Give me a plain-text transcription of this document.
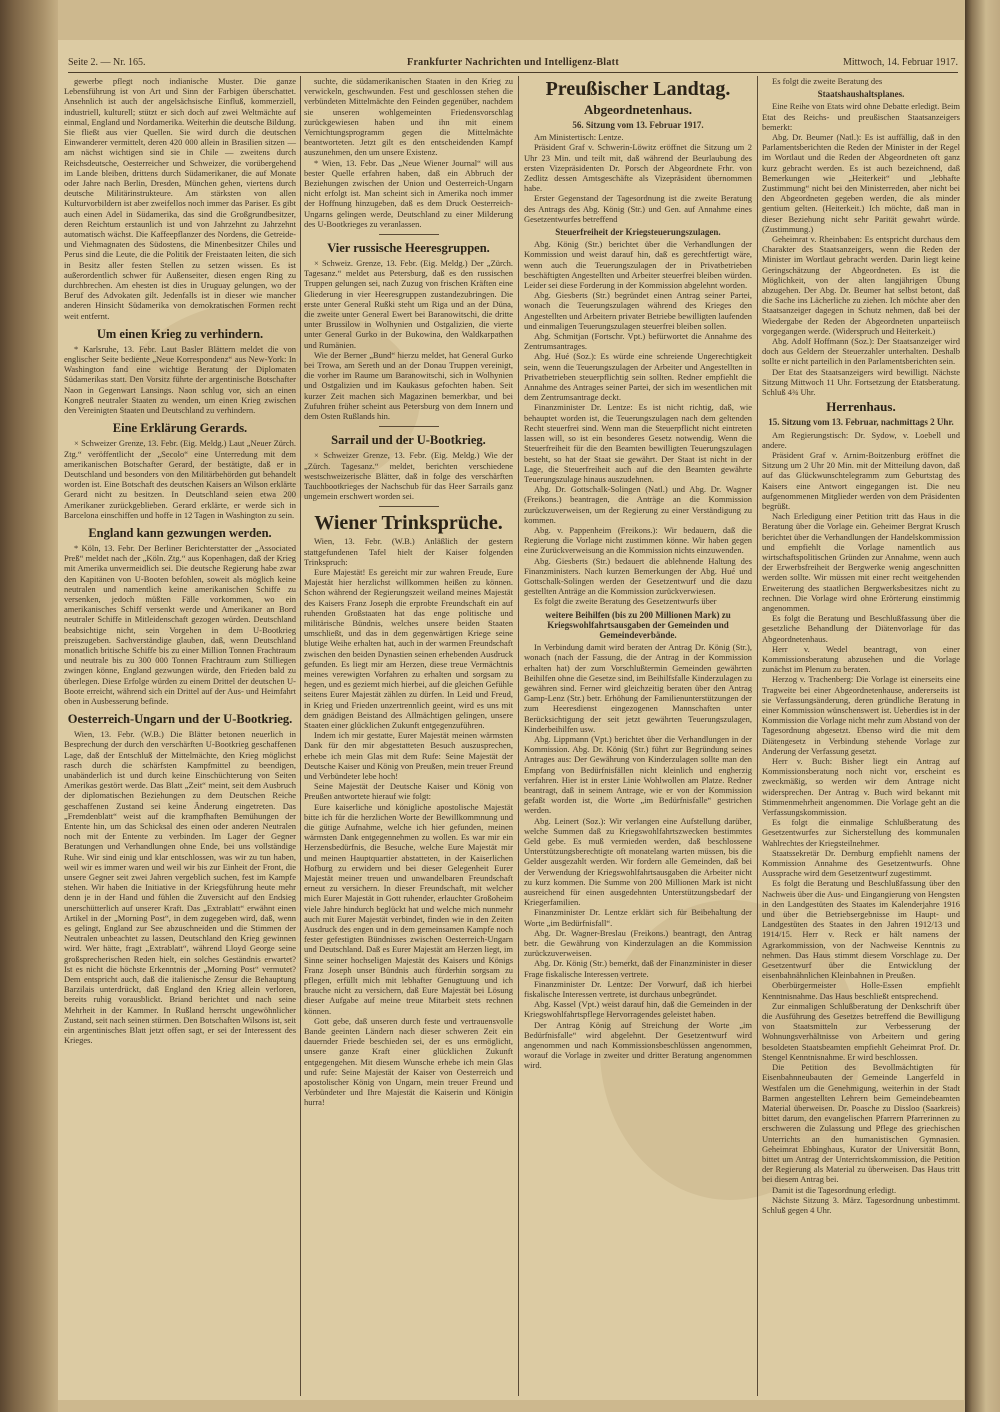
Seite 2. — Nr. 165.	Frankfurter Nachrichten und Intelligenz-Blatt	Mittwoch, 14. Februar 1917.

gewerbe pflegt noch indianische Muster. Die ganze Lebensführung ist von Art und Sinn der Farbigen überschattet. Ansehnlich ist auch der angelsächsische Einfluß, kommerziell, industriell, kulturell; stützt er sich doch auf zwei Weltmächte auf einmal, England und Nordamerika. Weiterhin die deutsche Bildung. Sie fließt aus vier Quellen. Sie wird durch die deutschen Einwanderer vermittelt, deren 420 000 allein in Brasilien sitzen — am nächst wichtigen sind sie in Chile — zweitens durch Reichsdeutsche, Oesterreicher und Schweizer, die vorübergehend im Lande bleiben, drittens durch Südamerikaner, die auf Monate oder Jahre nach Berlin, Dresden, München gehen, viertens durch deutsche Militärinstrukteure. Am stärksten von allen Kulturvorbildern ist aber zweifellos noch immer das Pariser. Es gibt auch einen Adel in Südamerika, das sind die Großgrundbesitzer, deren Reichtum erstaunlich ist und von Jahrzehnt zu Jahrzehnt automatisch wächst. Die Kaffeepflanzer des Nordens, die Getreide- und Viehmagnaten des Südostens, die Minenbesitzer Chiles und Perus sind die Leute, die die Politik der Freistaaten leiten, die sich in Besitz aller festen Stellen zu setzen wissen. Es ist außerordentlich schwer für Außenseiter, diesen engen Ring zu durchbrechen. Am ehesten ist dies in Uruguay gelungen, wo der Beruf des Advokaten gilt. Jedenfalls ist in dieser wie mancher anderen Hinsicht Südamerika von demokratischen Formen recht weit entfernt.

Um einen Krieg zu verhindern.

* Karlsruhe, 13. Febr. Laut Basler Blättern meldet die von englischer Seite bediente „Neue Korrespondenz“ aus New-York: In Washington fand eine wichtige Beratung der Diplomaten Südamerikas statt. Den Vorsitz führte der argentinische Botschafter Naon in Gegenwart Lansings. Naon schlug vor, sich an einen Kongreß neutraler Staaten zu wenden, um einen Krieg zwischen den Vereinigten Staaten und Deutschland zu verhindern.

Eine Erklärung Gerards.

× Schweizer Grenze, 13. Febr. (Eig. Meldg.) Laut „Neuer Zürch. Ztg.“ veröffentlicht der „Secolo“ eine Unterredung mit dem amerikanischen Botschafter Gerard, der bestätigte, daß er in Deutschland und besonders von den Militärbehörden gut behandelt worden ist. Eine Botschaft des deutschen Kaisers an Wilson erklärte Gerard nicht zu besitzen. In Deutschland seien etwa 200 Amerikaner zurückgeblieben. Gerard erklärte, er werde sich in Barcelona einschiffen und hoffe in 12 Tagen in Washington zu sein.

England kann gezwungen werden.

* Köln, 13. Febr. Der Berliner Berichterstatter der „Associated Preß“ meldet nach der „Köln. Ztg.“ aus Kopenhagen, daß der Krieg mit Amerika unvermeidlich sei. Die deutsche Regierung habe zwar den Kapitänen von U-Booten befohlen, soweit als möglich keine neutralen und namentlich keine amerikanischen Schiffe zu versenken, jedoch müßten Fälle vorkommen, wo ein amerikanisches Schiff versenkt werde und Amerikaner an Bord neutraler Schiffe in Mitleidenschaft gezogen würden. Deutschland beabsichtige nicht, sein Vorgehen in dem U-Bootkrieg preiszugeben. Sachverständige glauben, daß, wenn Deutschland monatlich britische Schiffe bis zu einer Million Tonnen Frachtraum und neutrale bis zu 300 000 Tonnen Frachtraum zum Stilliegen zwingen könne, England gezwungen würde, den Frieden bald zu überlegen. Diese Erfolge würden zu einem Drittel der deutschen U-Boote erreicht, während sich ein Drittel auf der Aus- und Heimfahrt oben in Ausbesserung befinde.

Oesterreich-Ungarn und der U-Bootkrieg.

Wien, 13. Febr. (W.B.) Die Blätter betonen neuerlich in Besprechung der durch den verschärften U-Bootkrieg geschaffenen Lage, daß der Entschluß der Mittelmächte, den Krieg möglichst rasch durch die schärfsten Kampfmittel zu beendigen, unabänderlich ist und durch keine Einschüchterung von Seiten Amerikas gestört werde. Das Blatt „Zeit“ meint, seit dem Ausbruch der diplomatischen Beziehungen zu dem Deutschen Reiche geschaffenen Zustand sei keine Änderung eingetreten. Das „Fremdenblatt“ weist auf die krampfhaften Bemühungen der Entente hin, um das Schicksal des einen oder anderen Neutralen noch mit der Entente zu verbinden. Im Lager der Gegner Beratungen und Verhandlungen ohne Ende, bei uns vollständige Ruhe. Wir sind einig und klar entschlossen, was wir zu tun haben, weil wir es immer waren und weil wir bis zur Einheit der Front, die unsere Gegner seit zwei Jahren vergeblich suchen, fest im Kampfe stehen. Wir haben die Initiative in der Kriegsführung heute mehr denn je in der Hand und fühlen die Zuversicht auf den Endsieg unerschütterlich auf unserer Kraft. Das „Extrablatt“ erwähnt einen Artikel in der „Morning Post“, in dem zugegeben wird, daß, wenn es gelingt, England zur See abzuschneiden und die Stimmen der Neutralen unbeachtet zu lassen, Deutschland den Krieg gewinnen wird. Wer hätte, fragt „Extrablatt“, während Lloyd George seine großsprecherischen Reden hielt, ein solches Geständnis erwartet? Ist es nicht die höchste Erkenntnis der „Morning Post“ vermutet? Dem entspricht auch, daß die italienische Zensur die Behauptung Barzilais unterdrückt, daß England den Krieg allein verloren, bereits ruhig vorausblickt. Briand berichtet und nach seine Mehrheit in der Kammer. In Rußland herrscht ungewöhnlicher Zustand, seit nach seinen stürmen. Den Botschaften Wilsons ist, seit ein argentinisches Blatt jetzt offen sagt, er sei der Interessent des Krieges.

suchte, die südamerikanischen Staaten in den Krieg zu verwickeln, geschwunden. Fest und geschlossen stehen die verbündeten Mittelmächte den Feinden gegenüber, nachdem sie unseren wohlgemeinten Friedensvorschlag zurückgewiesen haben und ihn mit einem Vernichtungsprogramm gegen die Mittelmächte beantworteten. Jetzt gilt es den entscheidenden Kampf auszunehmen, den um unsere Existenz.

* Wien, 13. Febr. Das „Neue Wiener Journal“ will aus bester Quelle erfahren haben, daß ein Abbruch der Beziehungen zwischen der Union und Oesterreich-Ungarn nicht erfolgt ist. Man scheint sich in Amerika noch immer der Hoffnung hinzugeben, daß es dem Druck Oesterreich-Ungarns gelingen werde, Deutschland zu einer Milderung des U-Bootkrieges zu veranlassen.

Vier russische Heeresgruppen.

× Schweiz. Grenze, 13. Febr. (Eig. Meldg.) Der „Zürch. Tagesanz.“ meldet aus Petersburg, daß es den russischen Truppen gelungen sei, nach Zuzug von frischen Kräften eine Gliederung in vier Heeresgruppen zustandezubringen. Die erste unter General Rußki steht um Riga und an der Düna, die zweite unter General Ewert bei Baranowitschi, die dritte unter Brussilow in Wolhynien und Ostgalizien, die vierte unter General Gurko in der Bukowina, den Waldkarpathen und Rumänien.

Wie der Berner „Bund“ hierzu meldet, hat General Gurko bei Trowa, am Sereth und an der Donau Truppen vereinigt, die vorher im Raume um Baranowitschi, sich in Wolhynien und Ostgalizien und im Kaukasus gefochten haben. Seit kurzer Zeit machen sich Magazinen bemerkbar, und bei Zufuhren früher scheint aus Petersburg von dem Innern und dem Osten Rußlands hin.

Sarrail und der U-Bootkrieg.

× Schweizer Grenze, 13. Febr. (Eig. Meldg.) Wie der „Zürch. Tagesanz.“ meldet, berichten verschiedene westschweizerische Blätter, daß in folge des verschärften Tauchbootkrieges der Nachschub für das Heer Sarrails ganz ungemein erschwert worden sei.

Wiener Trinksprüche.

Wien, 13. Febr. (W.B.) Anläßlich der gestern stattgefundenen Tafel hielt der Kaiser folgenden Trinkspruch:

Eure Majestät! Es gereicht mir zur wahren Freude, Eure Majestät hier herzlichst willkommen heißen zu können. Schon während der Regierungszeit weiland meines Majestät des Kaisers Franz Joseph die erprobte Freundschaft ein auf ruhenden Großstaaten hat das enge politische und militärische Bündnis, welches unsere beiden Staaten umschließt, und das in dem gegenwärtigen Kriege seine blutige Weihe erhalten hat, auch in der warmen Freundschaft zwischen den beiden Dynastien seinen erhebenden Ausdruck gefunden. Es liegt mir am Herzen, diese treue Vermächtnis meines verewigten Vorfahren zu erhalten und sorgsam zu hegen, und es geziemt mich hierbei, auf die gleichen Gefühle seitens Eurer Majestät zählen zu dürfen. In Leid und Freud, in Krieg und Frieden unzertrennlich geeint, wird es uns mit dem gnädigen Beistand des Allmächtigen gelingen, unsere Staaten einer glücklichen Zukunft entgegenzuführen.

Indem ich mir gestatte, Eurer Majestät meinen wärmsten Dank für den mir abgestatteten Besuch auszusprechen, erhebe ich mein Glas mit dem Rufe: Seine Majestät der Deutsche Kaiser und König von Preußen, mein treuer Freund und Verbündeter lebe hoch!

Seine Majestät der Deutsche Kaiser und König von Preußen antwortete hierauf wie folgt:

Eure kaiserliche und königliche apostolische Majestät bitte ich für die herzlichen Worte der Bewillkommnung und die gütige Aufnahme, welche ich hier gefunden, meinen wärmsten Dank entgegennehmen zu wollen. Es war mir ein Herzensbedürfnis, die Besuche, welche Eure Majestät mir und meinen Hauptquartier abstatteten, in der Kaiserlichen Hofburg zu erwidern und bei dieser Gelegenheit Eurer Majestät meiner treuen und unwandelbaren Freundschaft erneut zu versichern. In dieser Freundschaft, mit welcher mich Eurer Majestät in Gott ruhender, erlauchter Großoheim viele Jahre hindurch beglückt hat und welche mich nunmehr auch mit Eurer Majestät verbindet, finden wie in den Zeiten Ausdruck des engen und in dem gemeinsamen Kampfe noch fester gefestigten Bündnisses zwischen Oesterreich-Ungarn und Deutschland. Daß es Eurer Majestät am Herzen liegt, im Sinne seiner hochseligen Majestät des Kaisers und Königs Franz Joseph unser Bündnis auch fürderhin sorgsam zu pflegen, erfüllt mich mit lebhafter Genugtuung und ich brauche nicht zu versichern, daß Eure Majestät bei Lösung dieser Aufgabe auf meine treue Mitarbeit stets rechnen können.

Gott gebe, daß unseren durch feste und vertrauensvolle Bande geeinten Ländern nach dieser schweren Zeit ein dauernder Friede beschieden sei, der es uns ermöglicht, unsere ganze Kraft einer glücklichen Zukunft entgegengehen. Mit diesem Wunsche erhebe ich mein Glas und rufe: Seine Majestät der Kaiser von Oesterreich und apostolischer König von Ungarn, mein treuer Freund und Verbündeter und Ihre Majestät die Kaiserin und Königin hurra!

Preußischer Landtag.
Abgeordnetenhaus.
56. Sitzung vom 13. Februar 1917.

Am Ministertisch: Lentze.

Präsident Graf v. Schwerin-Löwitz eröffnet die Sitzung um 2 Uhr 23 Min. und teilt mit, daß während der Beurlaubung des ersten Vizepräsidenten Dr. Porsch der Abgeordnete Frhr. von Zedlitz dessen Amtsgeschäfte als Vizepräsident übernommen habe.

Erster Gegenstand der Tagesordnung ist die zweite Beratung des Antrags des Abg. König (Str.) und Gen. auf Annahme eines Gesetzentwurfes betreffend

Steuerfreiheit der Kriegsteuerungszulagen.

Abg. König (Str.) berichtet über die Verhandlungen der Kommission und weist darauf hin, daß es gerechtfertigt wäre, wenn auch die Teuerungszulagen der in Privatbetrieben beschäftigten Angestellten und Arbeiter steuerfrei bleiben würden. Leider sei diese Forderung in der Kommission abgelehnt worden.

Abg. Giesberts (Str.) begründet einen Antrag seiner Partei, wonach die Teuerungszulagen während des Krieges den Angestellten und Arbeitern privater Betriebe bewilligten laufenden und einmaligen Teuerungszulagen steuerfrei bleiben sollen.

Abg. Schmitjan (Fortschr. Vpt.) befürwortet die Annahme des Zentrumsantrages.

Abg. Hué (Soz.): Es würde eine schreiende Ungerechtigkeit sein, wenn die Teuerungszulagen der Arbeiter und Angestellten in Privatbetrieben steuerpflichtig sein sollten. Redner empfiehlt die Annahme des Antrages seiner Partei, der sich im wesentlichen mit dem Zentrumsantrage deckt.

Finanzminister Dr. Lentze: Es ist nicht richtig, daß, wie behauptet worden ist, die Teuerungszulagen nach dem geltenden Recht steuerfrei sind. Wenn man die Steuerpflicht nicht eintreten lassen will, so ist ein besonderes Gesetz notwendig. Wenn die Steuerfreiheit für die den Beamten bewilligten Teuerungszulagen besteht, so hat der Staat sie gewährt. Der Staat ist nicht in der Lage, die Steuerfreiheit auch auf die den Beamten gewährte Teuerungszulage hinaus auszudehnen.

Abg. Dr. Gottschalk-Solingen (Natl.) und Abg. Dr. Wagner (Freikons.) beantragen, die Anträge an die Kommission zurückzuverweisen, um der Regierung zu einer Verständigung zu kommen.

Abg. v. Pappenheim (Freikons.): Wir bedauern, daß die Regierung die Vorlage nicht zustimmen könne. Wir haben gegen eine Zurückverweisung an die Kommission nichts einzuwenden.

Abg. Giesberts (Str.) bedauert die ablehnende Haltung des Finanzministers. Nach kurzen Bemerkungen der Abg. Hué und Gottschalk-Solingen werden der Gesetzentwurf und die dazu gestellten Anträge an die Kommission zurückverwiesen.

Es folgt die zweite Beratung des Gesetzentwurfs über

weitere Beihilfen (bis zu 200 Millionen Mark) zu Kriegswohlfahrtsausgaben der Gemeinden und Gemeindeverbände.

In Verbindung damit wird beraten der Antrag Dr. König (Str.), wonach (nach der Fassung, die der Antrag in der Kommission erhalten hat) der zum Vorschlußtermin Gemeinden gewährten Beihilfen ohne die Gesetze sind, im Beihilfsfalle Kinderzulagen zu gewähren sind. Ferner wird gleichzeitig beraten über den Antrag Gamp-Lenz (Str.) betr. Erhöhung der Familienunterstützungen der zum Heeresdienst eingezogenen Mannschaften unter Berücksichtigung der seit jetzt gewährten Teuerungszulagen, Kinderbeihilfen usw.

Abg. Lippmann (Vpt.) berichtet über die Verhandlungen in der Kommission. Abg. Dr. König (Str.) führt zur Begründung seines Antrages aus: Der Gewährung von Kinderzulagen sollte man den Empfang von Bedürfnisfällen nicht kleinlich und engherzig verfahren. Hier ist in erster Linie Wohlwollen am Platze. Redner beantragt, daß in seinem Antrage, wie er von der Kommission gefaßt worden ist, die Worte „im Bedürfnisfalle“ gestrichen werden.

Abg. Leinert (Soz.): Wir verlangen eine Aufstellung darüber, welche Summen daß zu Kriegswohlfahrtszwecken bestimmtes Geld gebe. Es muß vermieden werden, daß beschlossene Unterstützungsberechtigte oft monatelang warten müssen, bis die Gelder ausgezahlt werden. Wir fordern alle Gemeinden, daß bei der Verwendung der Kriegswohlfahrtsausgaben die Arbeiter nicht zu kurz kommen. Die Summe von 200 Millionen Mark ist nicht ausreichend für einen ausgedehnten Unterstützungsbedarf der Kriegerfamilien.

Finanzminister Dr. Lentze erklärt sich für Beibehaltung der Worte „im Bedürfnisfall“.

Abg. Dr. Wagner-Breslau (Freikons.) beantragt, den Antrag betr. die Gewährung von Kinderzulagen an die Kommission zurückzuverweisen.

Abg. Dr. König (Str.) bemerkt, daß der Finanzminister in dieser Frage fiskalische Interessen vertrete.

Finanzminister Dr. Lentze: Der Vorwurf, daß ich hierbei fiskalische Interessen vertrete, ist durchaus unbegründet.

Abg. Kassel (Vpt.) weist darauf hin, daß die Gemeinden in der Kriegswohlfahrtspflege Hervorragendes geleistet haben.

Der Antrag König auf Streichung der Worte „im Bedürfnisfalle“ wird abgelehnt. Der Gesetzentwurf wird angenommen und nach Kommissionsbeschlüssen angenommen, worauf die Vorlage in zweiter und dritter Beratung angenommen wird.

Es folgt die zweite Beratung des

Staatshaushaltsplanes.

Eine Reihe von Etats wird ohne Debatte erledigt. Beim Etat des Reichs- und preußischen Staatsanzeigers bemerkt:

Abg. Dr. Beumer (Natl.): Es ist auffällig, daß in den Parlamentsberichten die Reden der Minister in der Regel im Wortlaut und die Reden der Abgeordneten oft ganz kurz gebracht werden. Es ist auch bezeichnend, daß Bemerkungen wie „Heiterkeit“ und „lebhafte Zustimmung“ nicht bei den Ministerreden, aber nicht bei den Abgeordneten gegeben werden, die als minder gentium gelten. (Heiterkeit.) Ich möchte, daß man in dieser Beziehung nicht sehr Parität gewahrt würde. (Zustimmung.)

Geheimrat v. Rheinbaben: Es entspricht durchaus dem Charakter des Staatsanzeigers, wenn die Reden der Minister im Wortlaut gebracht werden. Darin liegt keine Geringschätzung der Abgeordneten. Es ist die Möglichkeit, von der alten langjährigen Übung abzugehen. Der Abg. Dr. Beumer hat selbst betont, daß die Sache ins Lächerliche zu ziehen. Ich möchte aber den Staatsanzeiger dagegen in Schutz nehmen, daß bei der Wiedergabe der Reden der Abgeordneten unparteiisch vorgegangen werde. (Widerspruch und Heiterkeit.)

Abg. Adolf Hoffmann (Soz.): Der Staatsanzeiger wird doch aus Geldern der Steuerzahler unterhalten. Deshalb sollte er nicht parteilich in den Parlamentsberichten sein.

Der Etat des Staatsanzeigers wird bewilligt. Nächste Sitzung Mittwoch 11 Uhr. Fortsetzung der Etatsberatung. Schluß 4¾ Uhr.

Herrenhaus.
15. Sitzung vom 13. Februar, nachmittags 2 Uhr.

Am Regierungstisch: Dr. Sydow, v. Loebell und andere.

Präsident Graf v. Arnim-Boitzenburg eröffnet die Sitzung um 2 Uhr 20 Min. mit der Mitteilung davon, daß auf das Glückwunschtelegramm zum Geburtstag des Kaisers eine Antwort eingegangen ist. Die neu aufgenommenen Mitglieder werden von dem Präsidenten begrüßt.

Nach Erledigung einer Petition tritt das Haus in die Beratung über die Vorlage ein. Geheimer Bergrat Krusch berichtet über die Verhandlungen der Handelskommission und empfiehlt die Vorlage namentlich aus wirtschaftspolitischen Gründen zur Annahme, wenn auch der Erwerbsfreiheit der Bergwerke wenig angeschnitten werden sollte. Wir müssen mit einer recht weitgehenden Erweiterung des staatlichen Bergwerksbesitzes nicht zu rechnen. Die Vorlage wird ohne Erörterung einstimmig angenommen.

Es folgt die Beratung und Beschlußfassung über die gesetzliche Behandlung der Diätenvorlage für das Abgeordnetenhaus.

Herr v. Wedel beantragt, von einer Kommissionsberatung abzusehen und die Vorlage zunächst im Plenum zu beraten.

Herzog v. Trachenberg: Die Vorlage ist einerseits eine Tragweite bei einer Abgeordnetenhause, andererseits ist sie Verfassungsänderung, deren gründliche Beratung in einer Kommission wünschenswert ist. Ueberdies ist in der Kommission die Vorlage nicht mehr zum Abstand von der Tagesordnung abgesetzt. Ebenso wird die mit dem Diätengesetz in Verbindung stehende Vorlage zur Anderung der Verfassung gesetzt.

Herr v. Buch: Bisher liegt ein Antrag auf Kommissionsberatung noch nicht vor, erscheint es zweckmäßig, so werden wir dem Antrage nicht widersprechen. Der Antrag v. Buch wird bekannt mit Stimmenmehrheit angenommen. Die Vorlage geht an die Verfassungskommission.

Es folgt die einmalige Schlußberatung des Gesetzentwurfes zur Sicherstellung des kommunalen Wahlrechtes der Kriegsteilnehmer.

Staatssekretär Dr. Dernburg empfiehlt namens der Kommission Annahme des Gesetzentwurfs. Ohne Aussprache wird dem Gesetzentwurf zugestimmt.

Es folgt die Beratung und Beschlußfassung über den Nachweis über die Aus- und Eingangierung von Hengsten in den Landgestüten des Staates im Kalenderjahre 1916 und über die Betriebsergebnisse im Haupt- und Landgestüten des Staates in den Jahren 1912/13 und 1914/15. Herr v. Reck er hält namens der Agrarkommission, von der Nachweise Kenntnis zu nehmen. Das Haus stimmt diesem Vorschlage zu. Der Gesetzentwurf über die Entwicklung der eisenbahnähnlichen Kleinbahnen in Preußen.

Oberbürgermeister Holle-Essen empfiehlt Kenntnisnahme. Das Haus beschließt entsprechend.

Zur einmaligen Schlußberatung der Denkschrift über die Ausführung des Gesetzes betreffend die Bewilligung von Staatsmitteln zur Verbesserung der Wohnungsverhältnisse von Arbeitern und gering besoldeten Staatsbeamten empfiehlt Geheimrat Prof. Dr. Stengel Kenntnisnahme. Er wird beschlossen.

Die Petition des Bevollmächtigten für Eisenbahnneubauten der Gemeinde Langerfeld in Westfalen um die Genehmigung, weiterhin in der Stadt Barmen angestellten Lehrern beim Gemeindebeamten Material überweisen. Dr. Poasche zu Dissloo (Saarkreis) bittet darum, den evangelischen Pfarrern Pfarrerinnen zu erschweren die Zulassung und Pflege des griechischen Unterrichts an den humanistischen Gymnasien. Geheimrat Ebbinghaus, Kurator der Universität Bonn, bittet um Antrag der Unterrichtskommission, die Petition der Regierung als Material zu überweisen. Das Haus tritt bei diesem Antrag bei.

Damit ist die Tagesordnung erledigt.

Nächste Sitzung 3. März. Tagesordnung unbestimmt. Schluß gegen 4 Uhr.
